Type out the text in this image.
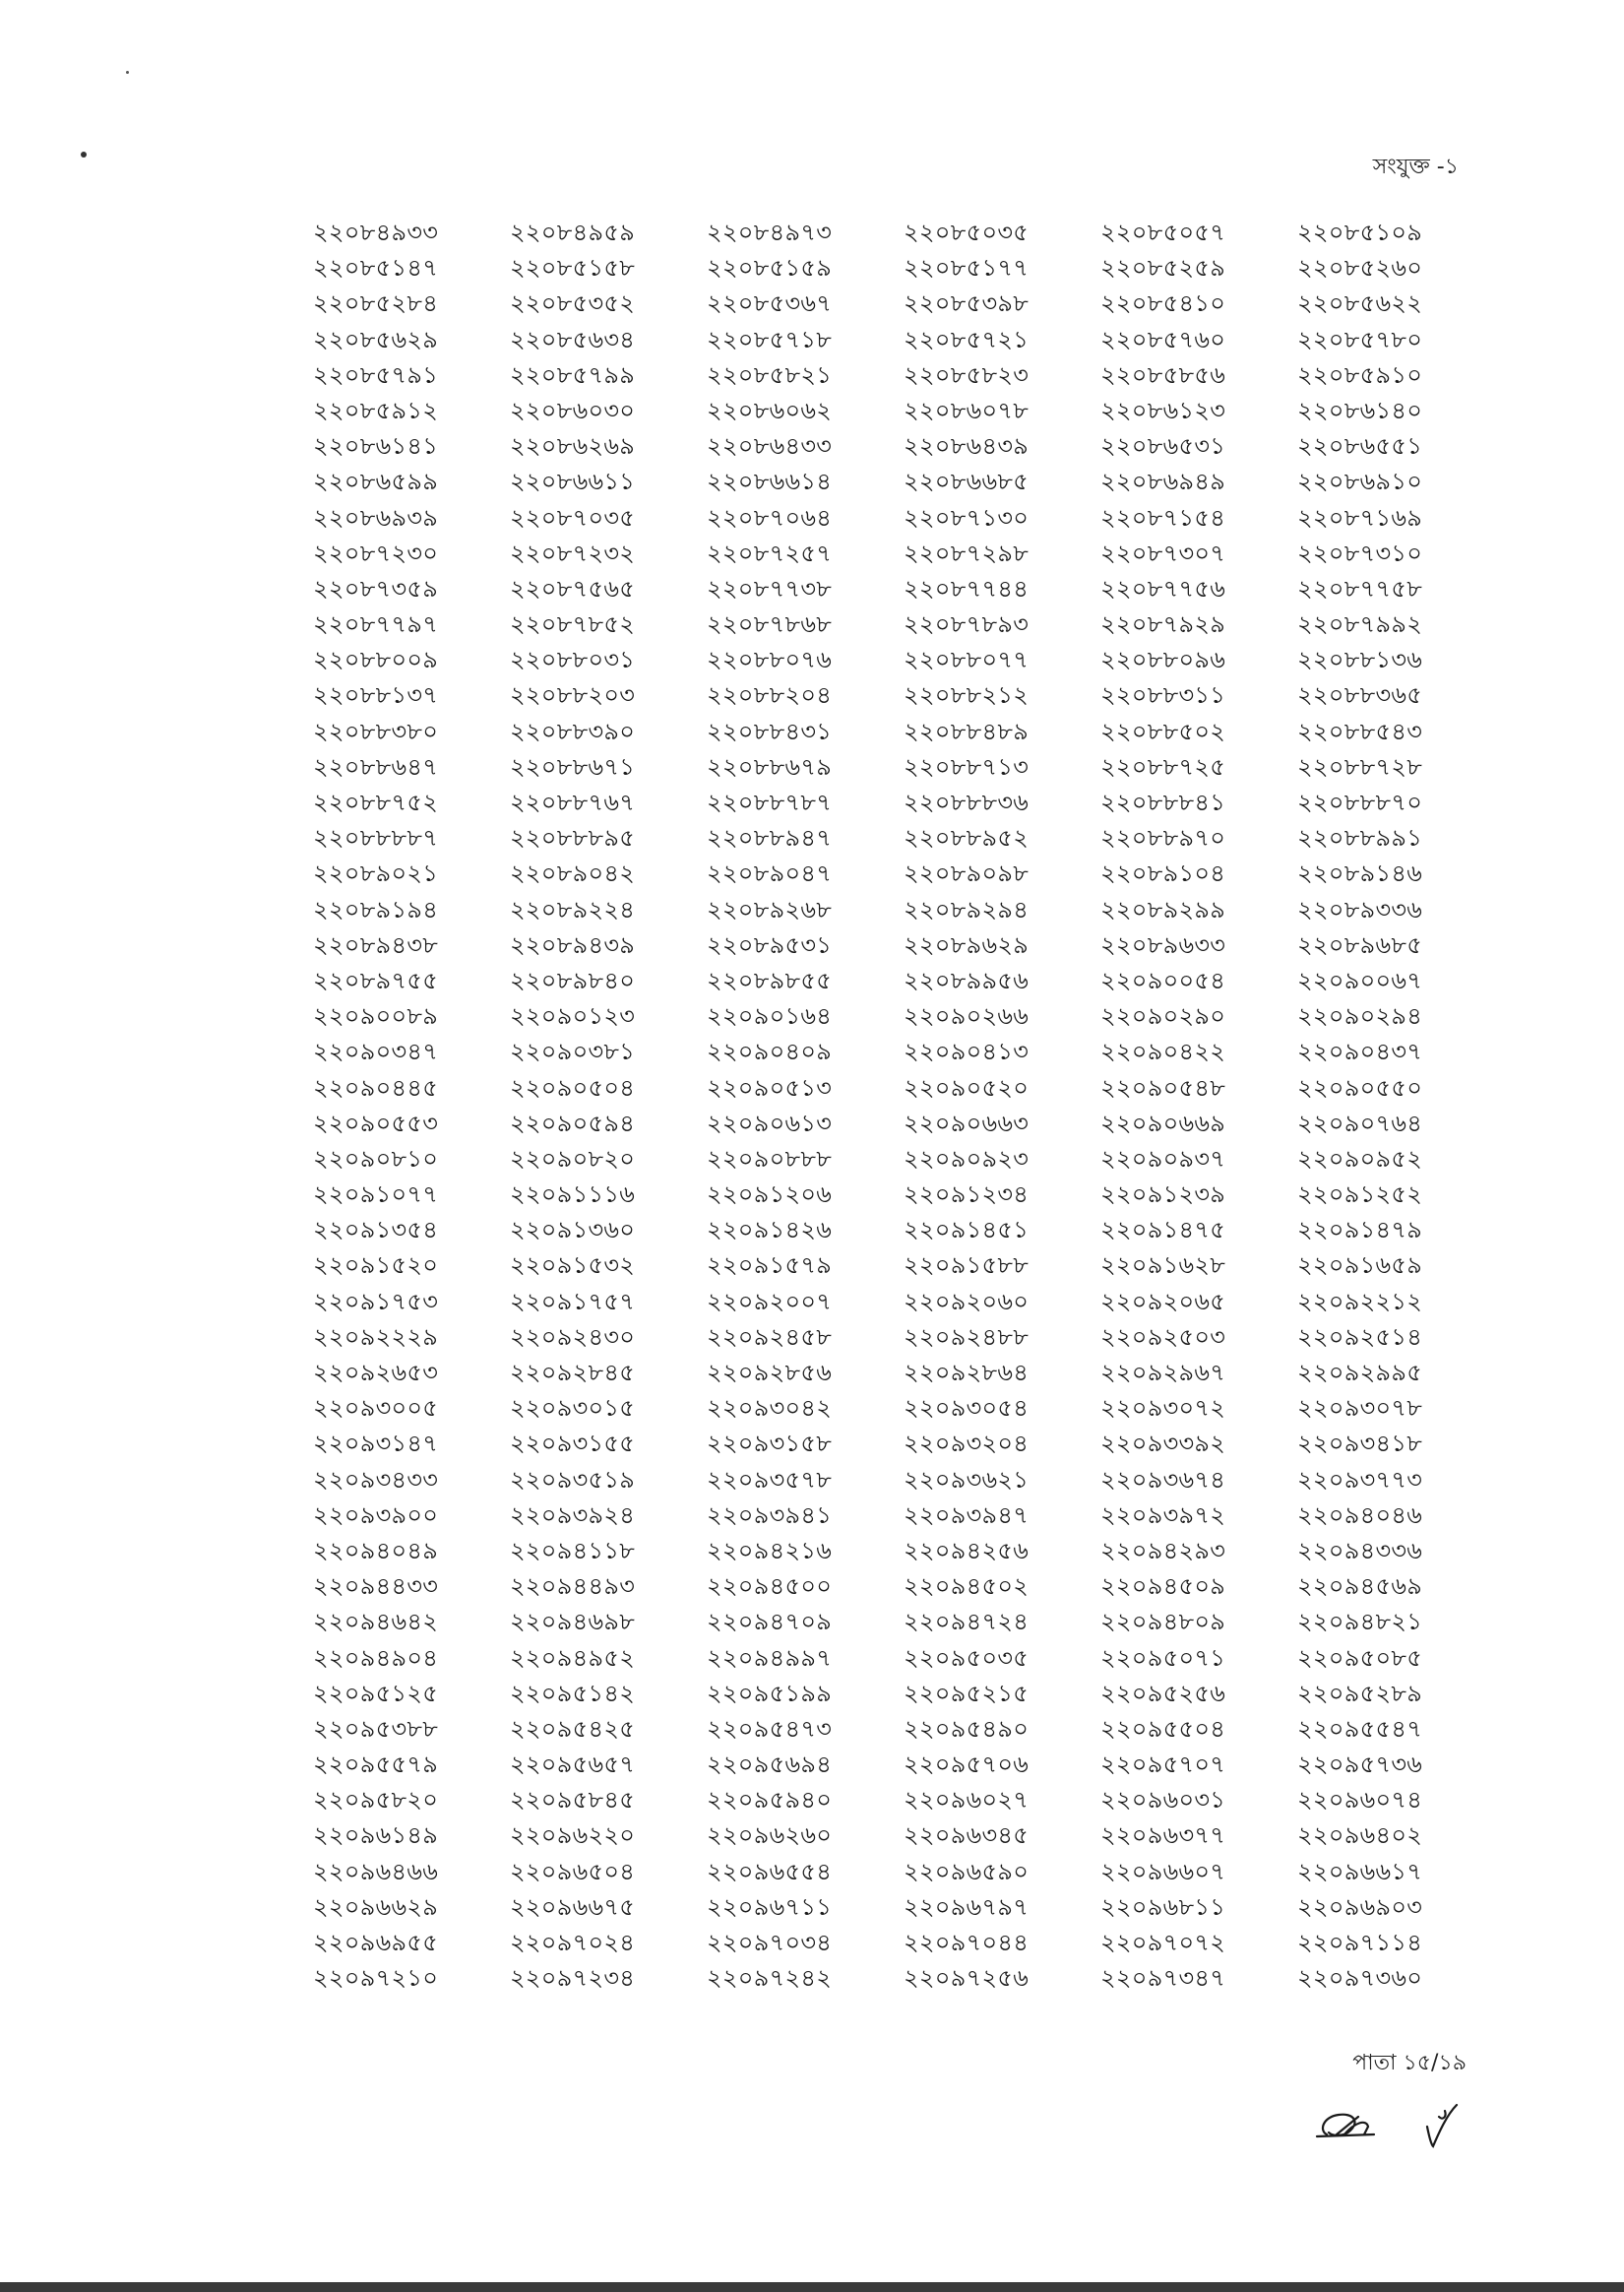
সংযুক্ত -১
২২০৮৪৯৩৩	২২০৮৪৯৫৯	২২০৮৪৯৭৩	২২০৮৫০৩৫	২২০৮৫০৫৭	২২০৮৫১০৯
২২০৮৫১৪৭	২২০৮৫১৫৮	২২০৮৫১৫৯	২২০৮৫১৭৭	২২০৮৫২৫৯	২২০৮৫২৬০
২২০৮৫২৮৪	২২০৮৫৩৫২	২২০৮৫৩৬৭	২২০৮৫৩৯৮	২২০৮৫৪১০	২২০৮৫৬২২
২২০৮৫৬২৯	২২০৮৫৬৩৪	২২০৮৫৭১৮	২২০৮৫৭২১	২২০৮৫৭৬০	২২০৮৫৭৮০
২২০৮৫৭৯১	২২০৮৫৭৯৯	২২০৮৫৮২১	২২০৮৫৮২৩	২২০৮৫৮৫৬	২২০৮৫৯১০
২২০৮৫৯১২	২২০৮৬০৩০	২২০৮৬০৬২	২২০৮৬০৭৮	২২০৮৬১২৩	২২০৮৬১৪০
২২০৮৬১৪১	২২০৮৬২৬৯	২২০৮৬৪৩৩	২২০৮৬৪৩৯	২২০৮৬৫৩১	২২০৮৬৫৫১
২২০৮৬৫৯৯	২২০৮৬৬১১	২২০৮৬৬১৪	২২০৮৬৬৮৫	২২০৮৬৯৪৯	২২০৮৬৯১০
২২০৮৬৯৩৯	২২০৮৭০৩৫	২২০৮৭০৬৪	২২০৮৭১৩০	২২০৮৭১৫৪	২২০৮৭১৬৯
২২০৮৭২৩০	২২০৮৭২৩২	২২০৮৭২৫৭	২২০৮৭২৯৮	২২০৮৭৩০৭	২২০৮৭৩১০
২২০৮৭৩৫৯	২২০৮৭৫৬৫	২২০৮৭৭৩৮	২২০৮৭৭৪৪	২২০৮৭৭৫৬	২২০৮৭৭৫৮
২২০৮৭৭৯৭	২২০৮৭৮৫২	২২০৮৭৮৬৮	২২০৮৭৮৯৩	২২০৮৭৯২৯	২২০৮৭৯৯২
২২০৮৮০০৯	২২০৮৮০৩১	২২০৮৮০৭৬	২২০৮৮০৭৭	২২০৮৮০৯৬	২২০৮৮১৩৬
২২০৮৮১৩৭	২২০৮৮২০৩	২২০৮৮২০৪	২২০৮৮২১২	২২০৮৮৩১১	২২০৮৮৩৬৫
২২০৮৮৩৮০	২২০৮৮৩৯০	২২০৮৮৪৩১	২২০৮৮৪৮৯	২২০৮৮৫০২	২২০৮৮৫৪৩
২২০৮৮৬৪৭	২২০৮৮৬৭১	২২০৮৮৬৭৯	২২০৮৮৭১৩	২২০৮৮৭২৫	২২০৮৮৭২৮
২২০৮৮৭৫২	২২০৮৮৭৬৭	২২০৮৮৭৮৭	২২০৮৮৮৩৬	২২০৮৮৮৪১	২২০৮৮৮৭০
২২০৮৮৮৮৭	২২০৮৮৮৯৫	২২০৮৮৯৪৭	২২০৮৮৯৫২	২২০৮৮৯৭০	২২০৮৮৯৯১
২২০৮৯০২১	২২০৮৯০৪২	২২০৮৯০৪৭	২২০৮৯০৯৮	২২০৮৯১০৪	২২০৮৯১৪৬
২২০৮৯১৯৪	২২০৮৯২২৪	২২০৮৯২৬৮	২২০৮৯২৯৪	২২০৮৯২৯৯	২২০৮৯৩৩৬
২২০৮৯৪৩৮	২২০৮৯৪৩৯	২২০৮৯৫৩১	২২০৮৯৬২৯	২২০৮৯৬৩৩	২২০৮৯৬৮৫
২২০৮৯৭৫৫	২২০৮৯৮৪০	২২০৮৯৮৫৫	২২০৮৯৯৫৬	২২০৯০০৫৪	২২০৯০০৬৭
২২০৯০০৮৯	২২০৯০১২৩	২২০৯০১৬৪	২২০৯০২৬৬	২২০৯০২৯০	২২০৯০২৯৪
২২০৯০৩৪৭	২২০৯০৩৮১	২২০৯০৪০৯	২২০৯০৪১৩	২২০৯০৪২২	২২০৯০৪৩৭
২২০৯০৪৪৫	২২০৯০৫০৪	২২০৯০৫১৩	২২০৯০৫২০	২২০৯০৫৪৮	২২০৯০৫৫০
২২০৯০৫৫৩	২২০৯০৫৯৪	২২০৯০৬১৩	২২০৯০৬৬৩	২২০৯০৬৬৯	২২০৯০৭৬৪
২২০৯০৮১০	২২০৯০৮২০	২২০৯০৮৮৮	২২০৯০৯২৩	২২০৯০৯৩৭	২২০৯০৯৫২
২২০৯১০৭৭	২২০৯১১১৬	২২০৯১২০৬	২২০৯১২৩৪	২২০৯১২৩৯	২২০৯১২৫২
২২০৯১৩৫৪	২২০৯১৩৬০	২২০৯১৪২৬	২২০৯১৪৫১	২২০৯১৪৭৫	২২০৯১৪৭৯
২২০৯১৫২০	২২০৯১৫৩২	২২০৯১৫৭৯	২২০৯১৫৮৮	২২০৯১৬২৮	২২০৯১৬৫৯
২২০৯১৭৫৩	২২০৯১৭৫৭	২২০৯২০০৭	২২০৯২০৬০	২২০৯২০৬৫	২২০৯২২১২
২২০৯২২২৯	২২০৯২৪৩০	২২০৯২৪৫৮	২২০৯২৪৮৮	২২০৯২৫০৩	২২০৯২৫১৪
২২০৯২৬৫৩	২২০৯২৮৪৫	২২০৯২৮৫৬	২২০৯২৮৬৪	২২০৯২৯৬৭	২২০৯২৯৯৫
২২০৯৩০০৫	২২০৯৩০১৫	২২০৯৩০৪২	২২০৯৩০৫৪	২২০৯৩০৭২	২২০৯৩০৭৮
২২০৯৩১৪৭	২২০৯৩১৫৫	২২০৯৩১৫৮	২২০৯৩২০৪	২২০৯৩৩৯২	২২০৯৩৪১৮
২২০৯৩৪৩৩	২২০৯৩৫১৯	২২০৯৩৫৭৮	২২০৯৩৬২১	২২০৯৩৬৭৪	২২০৯৩৭৭৩
২২০৯৩৯০০	২২০৯৩৯২৪	২২০৯৩৯৪১	২২০৯৩৯৪৭	২২০৯৩৯৭২	২২০৯৪০৪৬
২২০৯৪০৪৯	২২০৯৪১১৮	২২০৯৪২১৬	২২০৯৪২৫৬	২২০৯৪২৯৩	২২০৯৪৩৩৬
২২০৯৪৪৩৩	২২০৯৪৪৯৩	২২০৯৪৫০০	২২০৯৪৫০২	২২০৯৪৫০৯	২২০৯৪৫৬৯
২২০৯৪৬৪২	২২০৯৪৬৯৮	২২০৯৪৭০৯	২২০৯৪৭২৪	২২০৯৪৮০৯	২২০৯৪৮২১
২২০৯৪৯০৪	২২০৯৪৯৫২	২২০৯৪৯৯৭	২২০৯৫০৩৫	২২০৯৫০৭১	২২০৯৫০৮৫
২২০৯৫১২৫	২২০৯৫১৪২	২২০৯৫১৯৯	২২০৯৫২১৫	২২০৯৫২৫৬	২২০৯৫২৮৯
২২০৯৫৩৮৮	২২০৯৫৪২৫	২২০৯৫৪৭৩	২২০৯৫৪৯০	২২০৯৫৫০৪	২২০৯৫৫৪৭
২২০৯৫৫৭৯	২২০৯৫৬৫৭	২২০৯৫৬৯৪	২২০৯৫৭০৬	২২০৯৫৭০৭	২২০৯৫৭৩৬
২২০৯৫৮২০	২২০৯৫৮৪৫	২২০৯৫৯৪০	২২০৯৬০২৭	২২০৯৬০৩১	২২০৯৬০৭৪
২২০৯৬১৪৯	২২০৯৬২২০	২২০৯৬২৬০	২২০৯৬৩৪৫	২২০৯৬৩৭৭	২২০৯৬৪০২
২২০৯৬৪৬৬	২২০৯৬৫০৪	২২০৯৬৫৫৪	২২০৯৬৫৯০	২২০৯৬৬০৭	২২০৯৬৬১৭
২২০৯৬৬২৯	২২০৯৬৬৭৫	২২০৯৬৭১১	২২০৯৬৭৯৭	২২০৯৬৮১১	২২০৯৬৯০৩
২২০৯৬৯৫৫	২২০৯৭০২৪	২২০৯৭০৩৪	২২০৯৭০৪৪	২২০৯৭০৭২	২২০৯৭১১৪
২২০৯৭২১০	২২০৯৭২৩৪	২২০৯৭২৪২	২২০৯৭২৫৬	২২০৯৭৩৪৭	২২০৯৭৩৬০
পাতা ১৫/১৯
